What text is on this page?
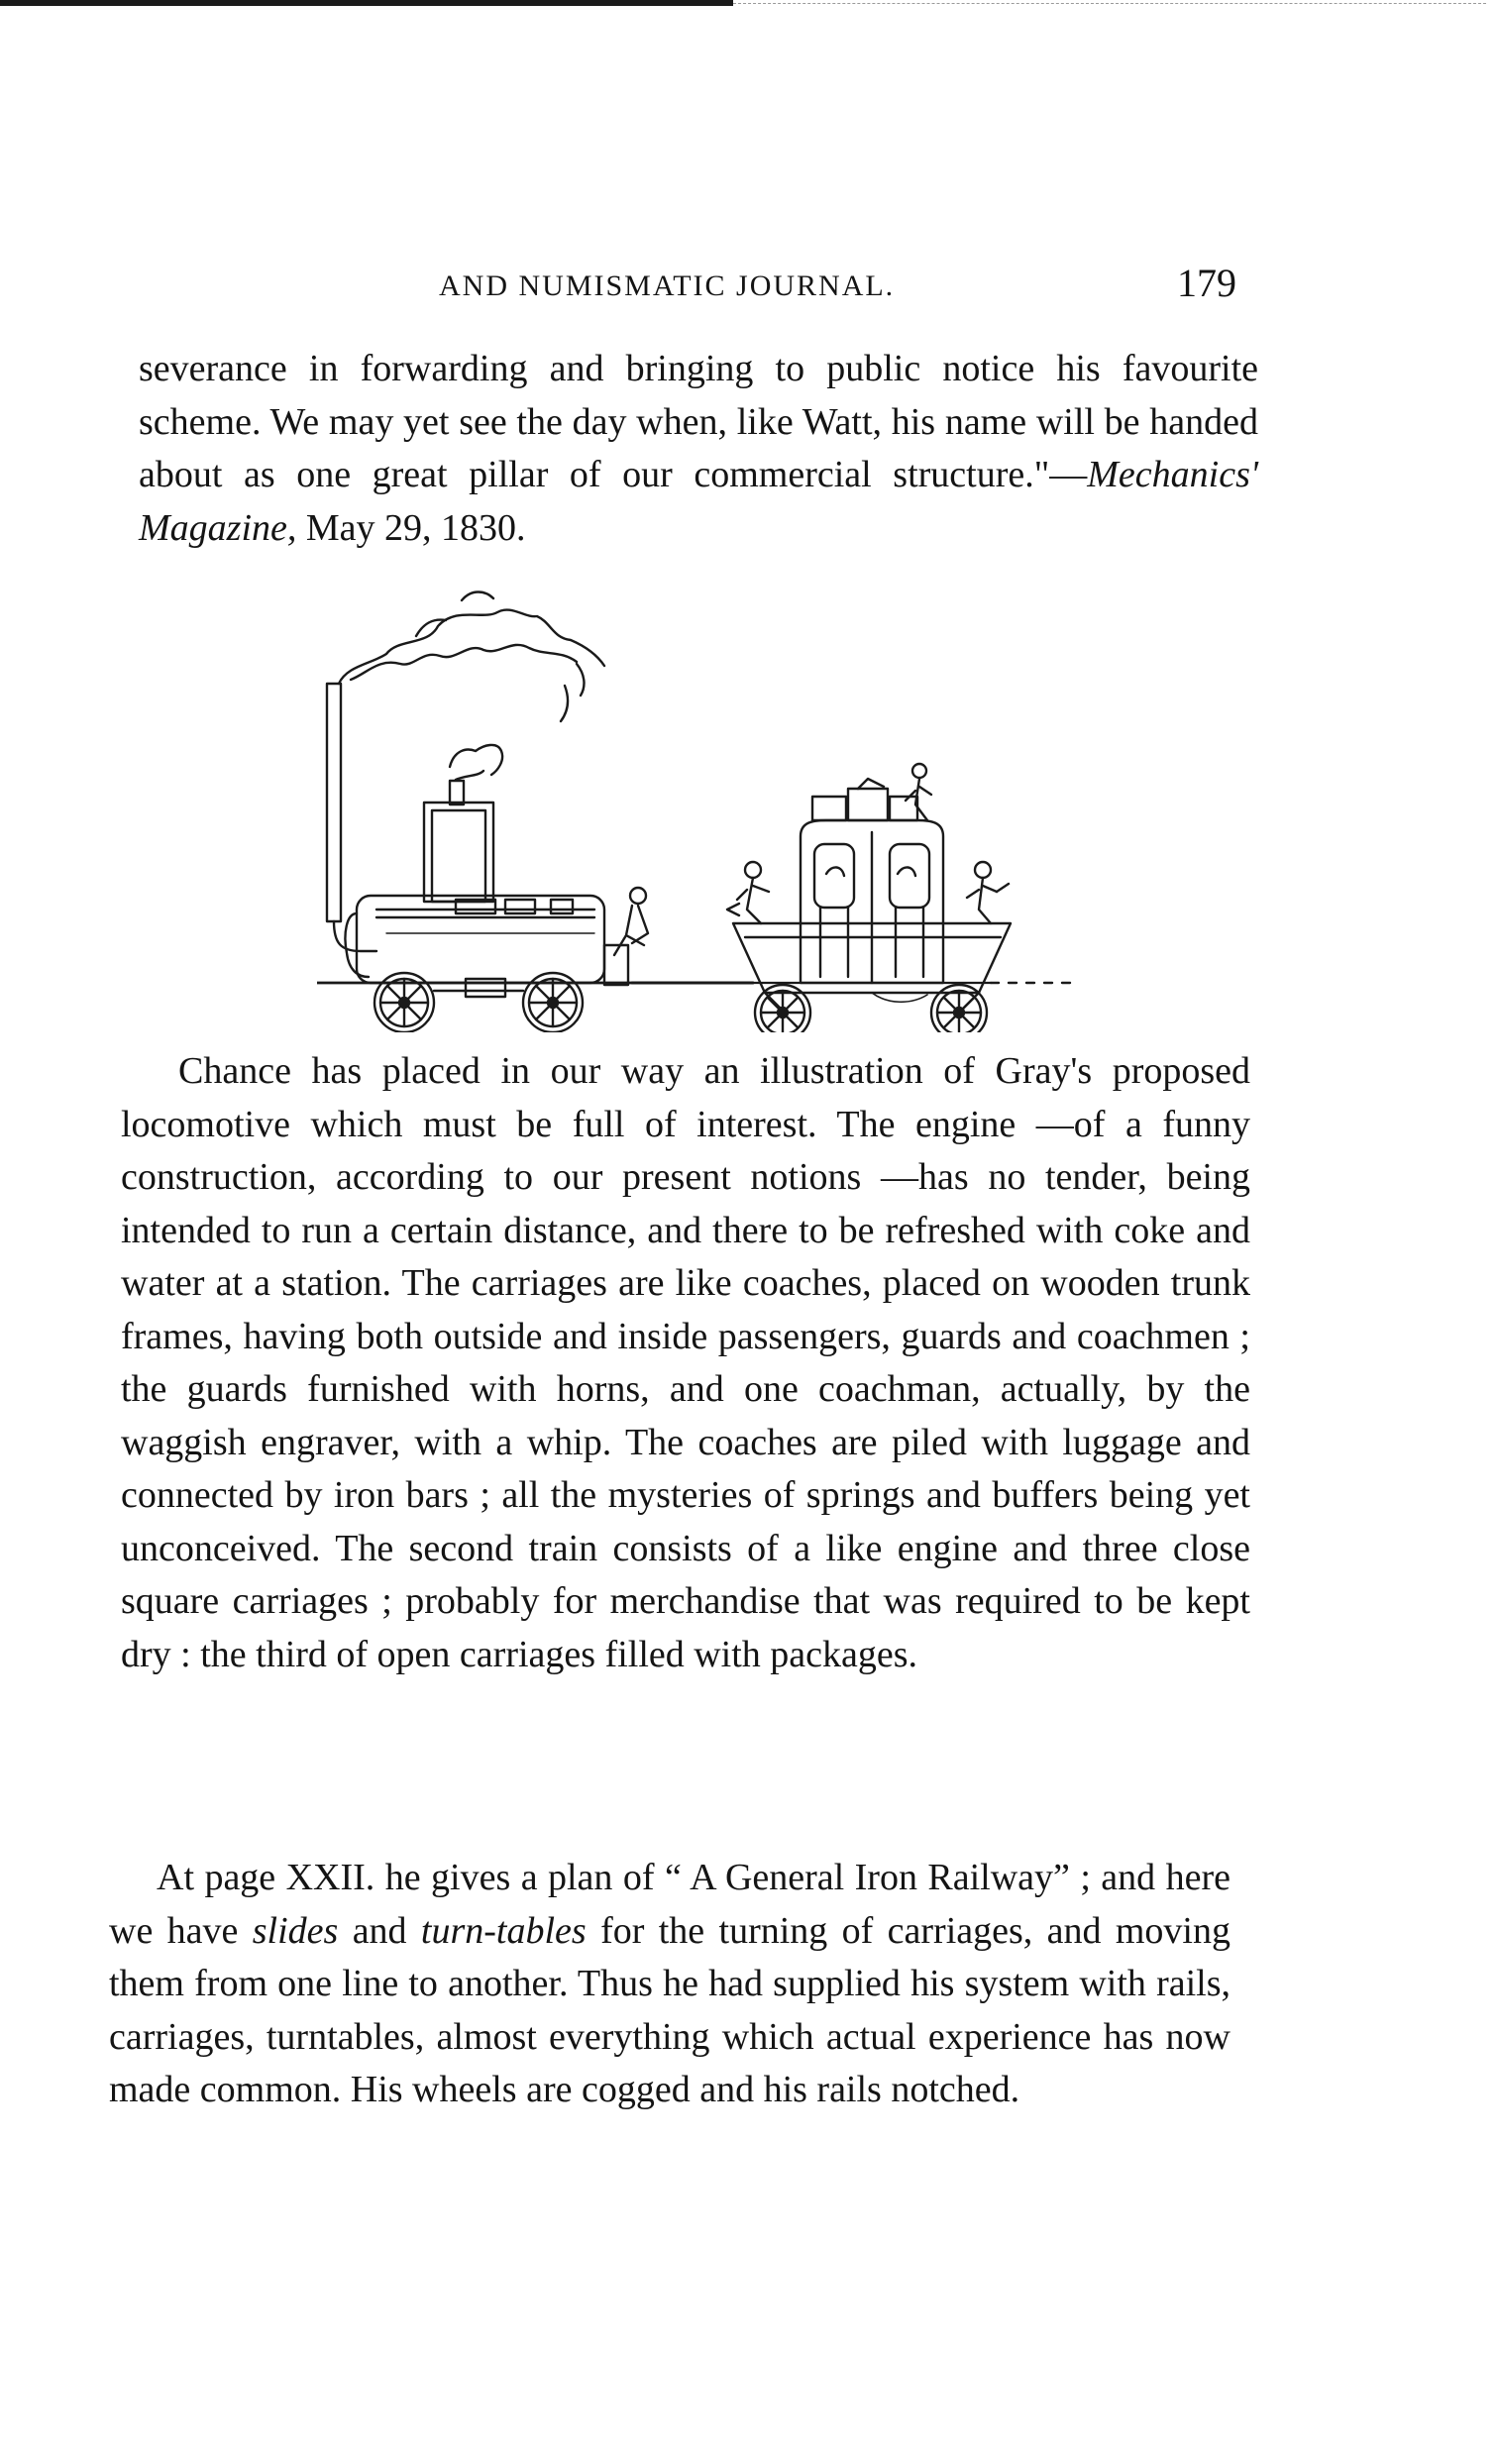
AND NUMISMATIC JOURNAL.	179

severance in forwarding and bringing to public notice his favourite scheme. We may yet see the day when, like Watt, his name will be handed about as one great pillar of our commercial structure."—Mechanics' Magazine, May 29, 1830.

Chance has placed in our way an illustration of Gray's proposed locomotive which must be full of interest. The engine —of a funny construction, according to our present notions —has no tender, being intended to run a certain distance, and there to be refreshed with coke and water at a station. The carriages are like coaches, placed on wooden trunk frames, having both outside and inside passengers, guards and coachmen ; the guards furnished with horns, and one coachman, actually, by the waggish engraver, with a whip. The coaches are piled with luggage and connected by iron bars ; all the mysteries of springs and buffers being yet unconceived. The second train consists of a like engine and three close square carriages ; probably for merchandise that was required to be kept dry : the third of open carriages filled with packages.

At page XXII. he gives a plan of “ A General Iron Railway” ; and here we have slides and turn-tables for the turning of carriages, and moving them from one line to another. Thus he had supplied his system with rails, carriages, turntables, almost everything which actual experience has now made common. His wheels are cogged and his rails notched.
